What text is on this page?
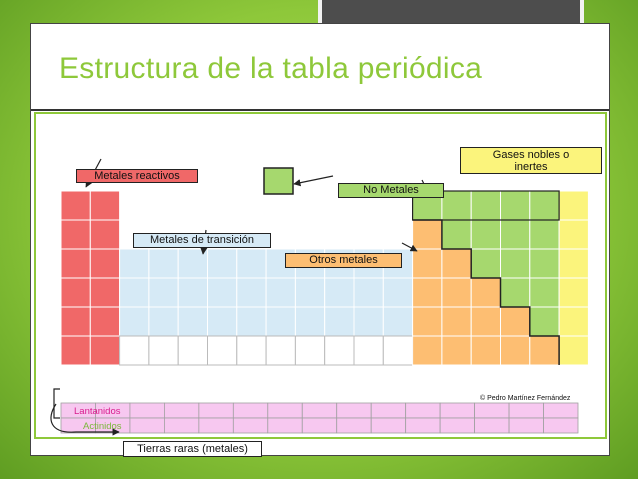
Estructura de la tabla periódica
Metales reactivos
Gases nobles o
inertes
No Metales
Metales de transición
Otros metales
© Pedro Martínez Fernández
Lantanidos
Actinidos
Tierras raras (metales)
